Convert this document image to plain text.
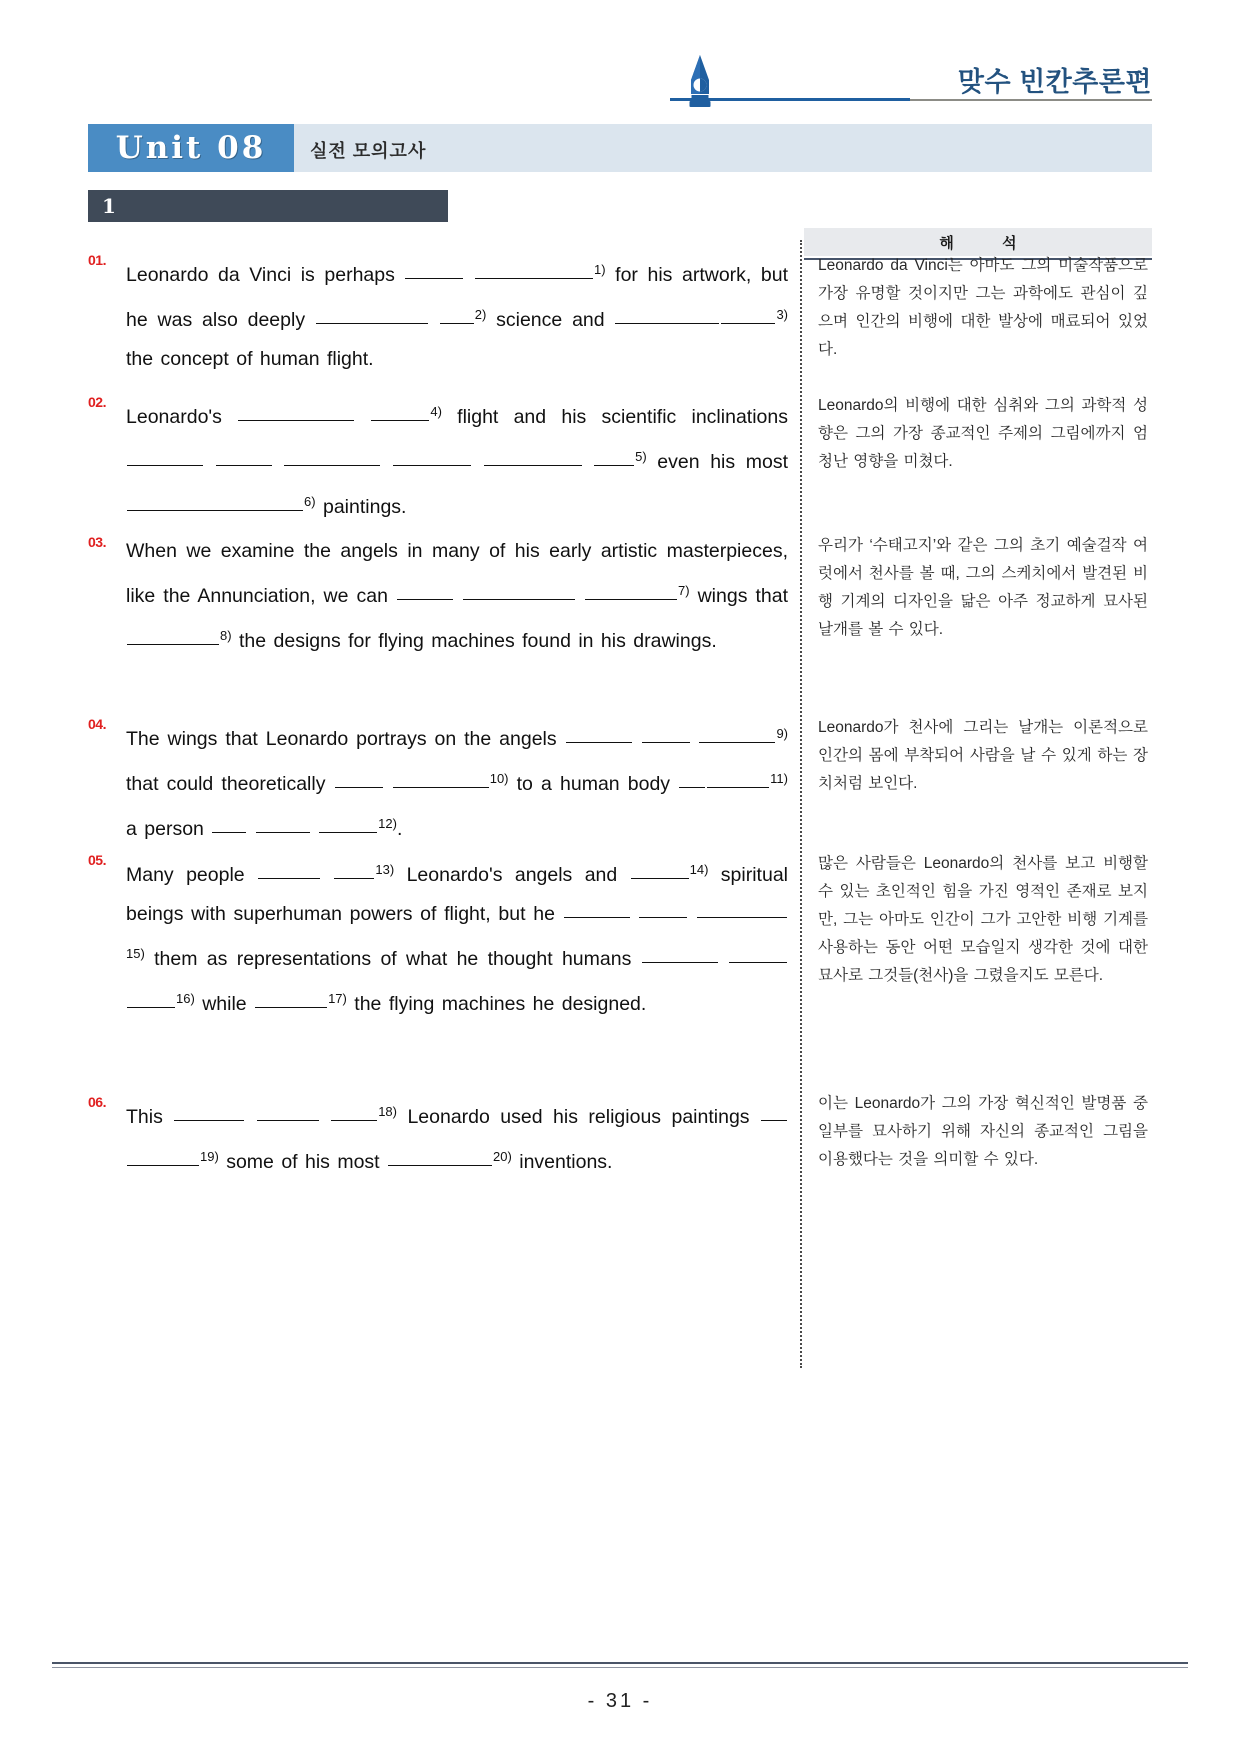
맞수 빈칸추론편
Unit 08 실전 모의고사
1
해 석
01.
Leonardo da Vinci is perhaps	$^{1)}$ for his artwork, but he was also deeply	$^{2)}$ science and	$^{3)}$ the concept of human flight.
Leonardo da Vinci는 아마도 그의 미술작품으로 가장 유명할 것이지만 그는 과학에도 관심이 깊으며 인간의 비행에 대한 발상에 매료되어 있었다.
02.
Leonardo's	$^{4)}$ flight and his scientific inclinations      $^{5)}$ even his most $^{6)}$ paintings.
Leonardo의 비행에 대한 심취와 그의 과학적 성향은 그의 가장 종교적인 주제의 그림에까지 엄청난 영향을 미쳤다.
03. When we examine the angels in many of his early artistic masterpieces, like the Annunciation, we can	$^{7)}$ wings that $^{8)}$ the designs for flying machines found in his drawings.
우리가 ‘수태고지’와 같은 그의 초기 예술걸작 여럿에서 천사를 볼 때, 그의 스케치에서 발견된 비행 기계의 디자인을 닮은 아주 정교하게 묘사된 날개를 볼 수 있다.
04.
The wings that Leonardo portrays on the angels	$^{9)}$ that could theoretically	$^{10)}$ to a human body	$^{11)}$ a person	$^{12)}$.
Leonardo가 천사에 그리는 날개는 이론적으로 인간의 몸에 부착되어 사람을 날 수 있게 하는 장치처럼 보인다.
05.
Many people	$^{13)}$ Leonardo's angels and	$^{14)}$ spiritual beings with superhuman powers of flight, but he   $^{15)}$ them as representations of what he thought humans   $^{16)}$ while	$^{17)}$ the flying machines he designed.
많은 사람들은 Leonardo의 천사를 보고 비행할 수 있는 초인적인 힘을 가진 영적인 존재로 보지만, 그는 아마도 인간이 그가 고안한 비행 기계를 사용하는 동안 어떤 모습일지 생각한 것에 대한 묘사로 그것들(천사)을 그렸을지도 모른다.
06.
This	$^{18)}$ Leonardo used his religious paintings $^{19)}$ some of his most	$^{20)}$ inventions.
이는 Leonardo가 그의 가장 혁신적인 발명품 중 일부를 묘사하기 위해 자신의 종교적인 그림을 이용했다는 것을 의미할 수 있다.
- 31 -
